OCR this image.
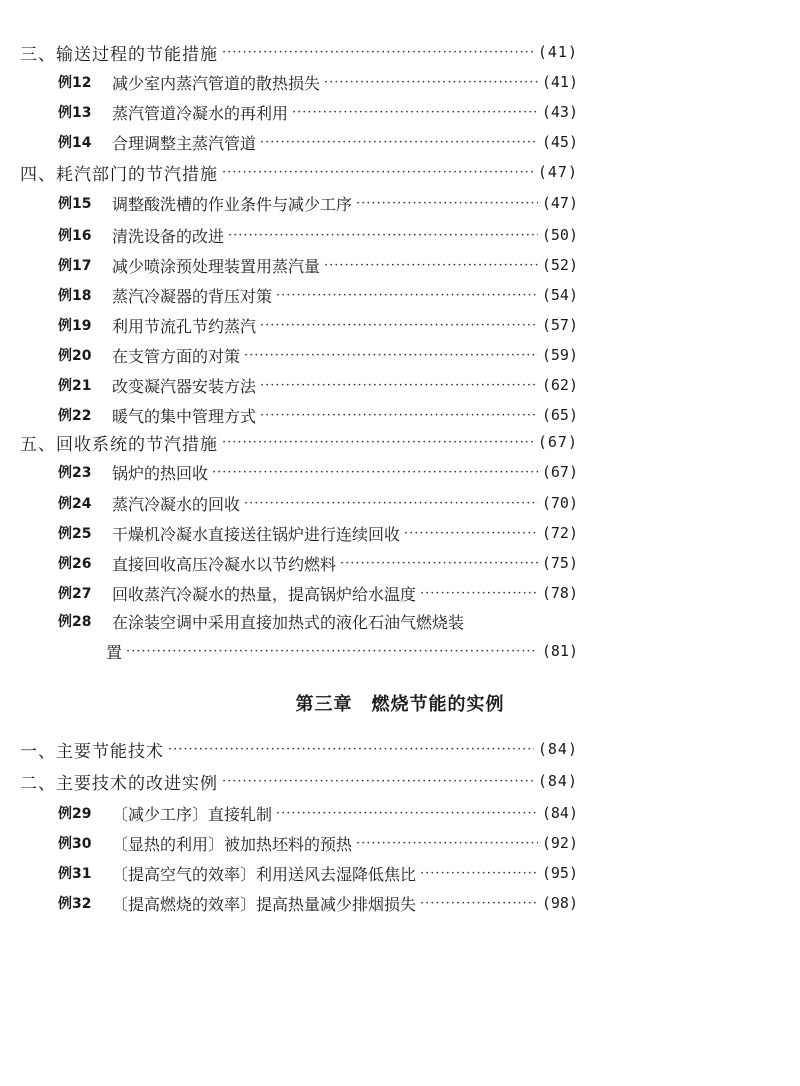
三、输送过程的节能措施 ·····	(41)
例12	减少室内蒸汽管道的散热损失 ·····	(41)
例13	蒸汽管道冷凝水的再利用 ·····	(43)
例14	合理调整主蒸汽管道 ·····	(45)
四、耗汽部门的节汽措施 ·····	(47)
例15	调整酸洗槽的作业条件与减少工序 ·····	(47)
例16	清洗设备的改进 ·····	(50)
例17	减少喷涂预处理装置用蒸汽量 ·····	(52)
例18	蒸汽冷凝器的背压对策 ·····	(54)
例19	利用节流孔节约蒸汽 ·····	(57)
例20	在支管方面的对策 ·····	(59)
例21	改变凝汽器安装方法 ·····	(62)
例22	暖气的集中管理方式 ·····	(65)
五、回收系统的节汽措施 ·····	(67)
例23	锅炉的热回收 ·····	(67)
例24	蒸汽冷凝水的回收 ·····	(70)
例25	干燥机冷凝水直接送往锅炉进行连续回收 ·····	(72)
例26	直接回收高压冷凝水以节约燃料 ·····	(75)
例27	回收蒸汽冷凝水的热量，提高锅炉给水温度 ·····	(78)
例28	在涂装空调中采用直接加热式的液化石油气燃烧装
置 ·····	(81)
一、主要节能技术 ·····	(84)
二、主要技术的改进实例 ·····	(84)
例29	〔减少工序〕直接轧制 ·····	(84)
例30	〔显热的利用〕被加热坯料的预热 ·····	(92)
例31	〔提高空气的效率〕利用送风去湿降低焦比 ·····	(95)
例32	〔提高燃烧的效率〕提高热量减少排烟损失 ·····	(98)
第三章　燃烧节能的实例
